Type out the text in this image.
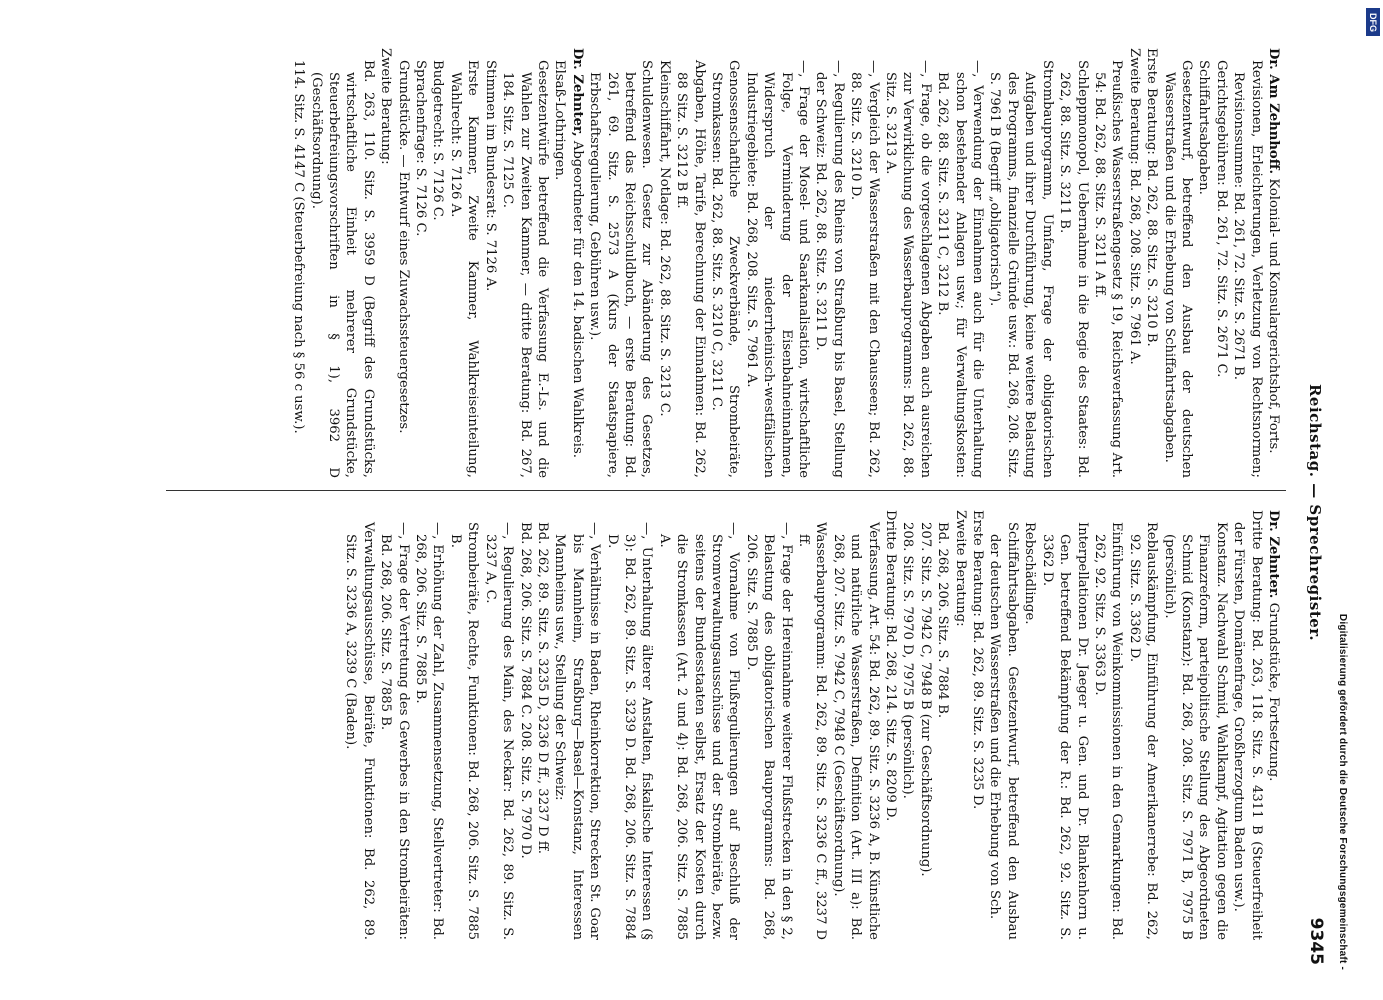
Reichstag. — Sprechregister.
9345

Dr. Am Zehnhoff. Kolonial- und Konsulargerichtshof, Forts.

Revisionen, Erleichterungen, Verletzung von Rechtsnormen; Revisionssumme: Bd. 261, 72. Sitz. S. 2671 B.

Gerichtsgebühren: Bd. 261, 72. Sitz. S. 2671 C.

Schiffahrtsabgaben.

Gesetzentwurf, betreffend den Ausbau der deutschen Wasserstraßen und die Erhebung von Schiffahrtsabgaben.

Erste Beratung: Bd. 262, 88. Sitz. S. 3210 B.

Zweite Beratung: Bd. 268, 208. Sitz. S. 7961 A.

Preußisches Wasserstraßengesetz § 19, Reichsverfassung Art. 54: Bd. 262, 88. Sitz. S. 3211 A ff.

Schleppmonopol, Uebernahme in die Regie des Staates: Bd. 262, 88. Sitz. S. 3211 B.

Strombauprogramm, Umfang, Frage der obligatorischen Aufgaben und ihrer Durchführung, keine weitere Belastung des Programms, finanzielle Gründe usw.: Bd. 268, 208. Sitz. S. 7961 B (Begriff „obligatorisch“).

—, Verwendung der Einnahmen auch für die Unterhaltung schon bestehender Anlagen usw.; für Verwaltungskosten: Bd. 262, 88. Sitz. S. 3211 C, 3212 B.

—, Frage, ob die vorgeschlagenen Abgaben auch ausreichen zur Verwirklichung des Wasserbauprogramms: Bd. 262, 88. Sitz. S. 3213 A.

—, Vergleich der Wasserstraßen mit den Chausseen; Bd. 262, 88. Sitz. S. 3210 D.

—, Regulierung des Rheins von Straßburg bis Basel, Stellung der Schweiz: Bd. 262, 88. Sitz. S. 3211 D.

—, Frage der Mosel- und Saarkanalisation, wirtschaftliche Folge, Verminderung der Eisenbahneinnahmen, Widerspruch der niederrheinisch-westfälischen Industriegebiete: Bd. 268, 208. Sitz. S. 7961 A.

Genossenschaftliche Zweckverbände, Strombeiräte, Stromkassen: Bd. 262, 88. Sitz. S. 3210 C, 3211 C.

Abgaben, Höhe, Tarife, Berechnung der Einnahmen: Bd. 262, 88 Sitz. S. 3212 B ff.

Kleinschiffahrt, Notlage: Bd. 262, 88. Sitz. S. 3213 C.

Schuldenwesen. Gesetz zur Abänderung des Gesetzes, betreffend das Reichsschuldbuch, — erste Beratung: Bd. 261, 69. Sitz. S. 2573 A (Kurs der Staatspapiere, Erbschaftsregulierung, Gebühren usw.).

Dr. Zehnter, Abgeordneter für den 14. badischen Wahlkreis.

Elsaß-Lothringen.

Gesetzentwürfe betreffend die Verfassung E.-Ls. und die Wahlen zur Zweiten Kammer, — dritte Beratung: Bd. 267, 184. Sitz. S. 7125 C.

Stimmen im Bundesrat: S. 7126 A.

Erste Kammer, Zweite Kammer, Wahlkreiseinteilung, Wahlrecht: S. 7126 A.

Budgetrecht: S. 7126 C.

Sprachenfrage: S. 7126 C.

Grundstücke. — Entwurf eines Zuwachssteuergesetzes.

Zweite Beratung:

Bd. 263, 110. Sitz. S. 3959 D (Begriff des Grundstücks, wirtschaftliche Einheit mehrerer Grundstücke, Steuerbefreiungsvorschriften in § 1), 3962 D (Geschäftsordnung).

114. Sitz. S. 4147 C (Steuerbefreiung nach § 56 c usw.).

Dr. Zehnter. Grundstücke, Fortsetzung.

Dritte Beratung: Bd. 263, 118. Sitz. S. 4311 B (Steuerfreiheit der Fürsten, Domänenfrage, Großherzogtum Baden usw.).

Konstanz. Nachwahl Schmid, Wahlkampf, Agitation gegen die Finanzreform, parteipolitische Stellung des Abgeordneten Schmid (Konstanz): Bd. 268, 208. Sitz. S. 7971 B, 7975 B (persönlich).

Reblauskämpfung, Einführung der Amerikanerrebe: Bd. 262, 92. Sitz. S. 3362 D.

Einführung von Weinkommissionen in den Gemarkungen: Bd. 262, 92. Sitz. S. 3363 D.

Interpellationen Dr. Jaeger u. Gen. und Dr. Blankenhorn u. Gen. betreffend Bekämpfung der R.: Bd. 262, 92. Sitz. S. 3362 D.

Rebschädlinge.

Schiffahrtsabgaben. Gesetzentwurf, betreffend den Ausbau der deutschen Wasserstraßen und die Erhebung von Sch.

Erste Beratung: Bd. 262, 89. Sitz. S. 3235 D.

Zweite Beratung:

Bd. 268, 206. Sitz. S. 7884 B.

207. Sitz. S. 7942 C, 7948 B (zur Geschäftsordnung).

208. Sitz. S. 7970 D, 7975 B (persönlich).

Dritte Beratung: Bd. 268, 214. Sitz. S. 8209 D.

Verfassung, Art. 54: Bd. 262, 89. Sitz. S. 3236 A, B. Künstliche und natürliche Wasserstraßen, Definition (Art. III a): Bd. 268, 207. Sitz. S. 7942 C, 7948 C (Geschäftsordnung).

Wasserbauprogramm: Bd. 262, 89. Sitz. S. 3236 C ff., 3237 D ff.

—, Frage der Hereinnahme weiterer Flußstrecken in den § 2, Belastung des obligatorischen Bauprogramms: Bd. 268, 206. Sitz. S. 7885 D.

—, Vornahme von Flußregulierungen auf Beschluß der Stromverwaltungsausschüsse und der Strombeiräte, bezw. seitens der Bundesstaaten selbst, Ersatz der Kosten durch die Stromkassen (Art. 2 und 4): Bd. 268, 206. Sitz. S. 7885 A.

—, Unterhaltung älterer Anstalten, fiskalische Interessen (§ 3): Bd. 262, 89. Sitz. S. 3239 D. Bd. 268, 206. Sitz. S. 7884 D.

—, Verhältnisse in Baden, Rheinkorrektion, Strecken St. Goar bis Mannheim, Straßburg—Basel—Konstanz, Interessen Mannheims usw., Stellung der Schweiz:

Bd. 262, 89. Sitz. S. 3235 D, 3236 D ff., 3237 D ff.

Bd. 268, 206. Sitz. S. 7884 C. 208. Sitz. S. 7970 D.

—, Regulierung des Main, des Neckar: Bd. 262, 89. Sitz. S. 3237 A, C.

Strombeiräte, Rechte, Funktionen: Bd. 268, 206. Sitz. S. 7885 B.

—, Erhöhung der Zahl, Zusammensetzung, Stellvertreter: Bd. 268, 206. Sitz. S. 7885 B.

—, Frage der Vertretung des Gewerbes in den Strombeiräten: Bd. 268, 206. Sitz. S. 7885 B.

Verwaltungsausschüsse, Beiräte, Funktionen: Bd. 262, 89. Sitz. S. 3236 A, 3239 C (Baden).	Digitalisierung gefördert durch die Deutsche Forschungsgemeinschaft -
DFG
